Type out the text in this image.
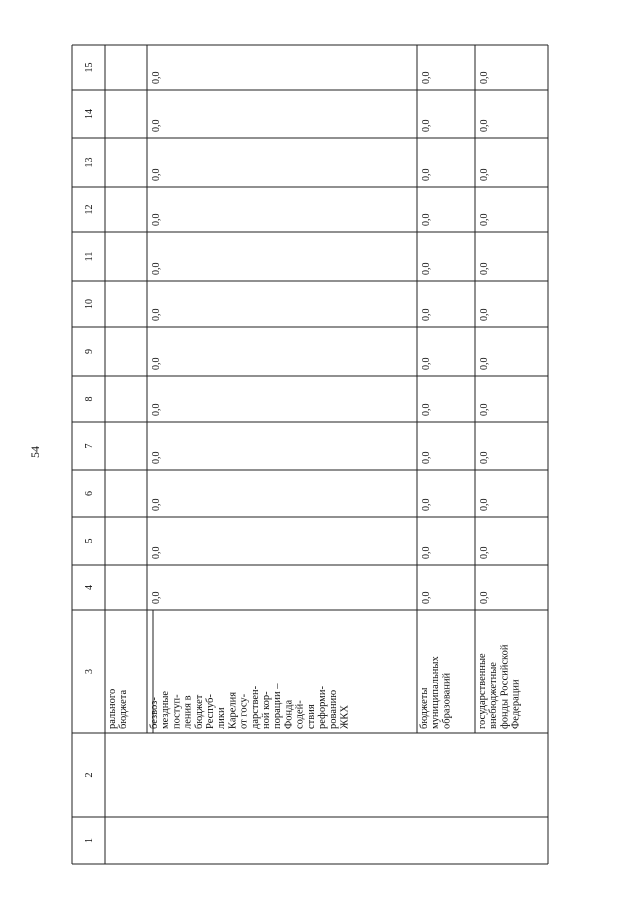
54
1
2
3
4
5
6
7
8
9
10
11
12
13
14
15
рального бюджета безвоз- мездные поступ- ления в бюджет Респуб- лики Карелия от госу- дарствен- ной кор- порации – Фонда содей- ствия реформи- рованию ЖКХ	бюджеты муниципальных образований государственные внебюджетные фонды Российской Федерации
0,0
0,0
0,0
0,0
0,0
0,0
0,0
0,0
0,0
0,0
0,0
0,0
0,0
0,0
0,0
0,0
0,0
0,0
0,0
0,0
0,0
0,0
0,0
0,0
0,0
0,0
0,0
0,0
0,0
0,0
0,0
0,0
0,0
0,0
0,0
0,0
